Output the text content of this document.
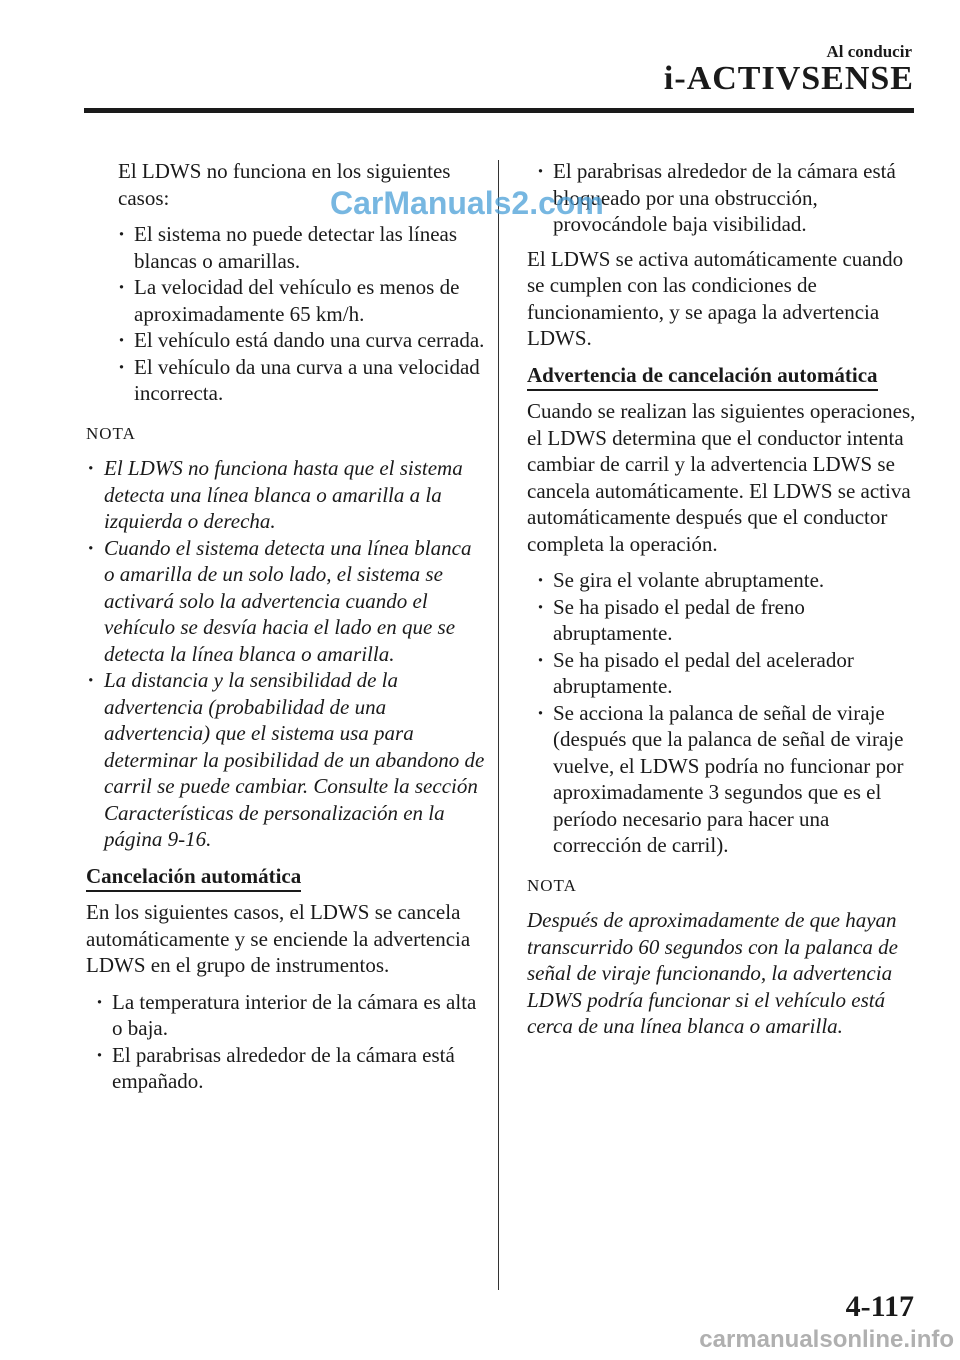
Al conducir
i-ACTIVSENSE

El LDWS no funciona en los siguientes casos:

· El sistema no puede detectar las líneas blancas o amarillas.
· La velocidad del vehículo es menos de aproximadamente 65 km/h.
· El vehículo está dando una curva cerrada.
· El vehículo da una curva a una velocidad incorrecta.
NOTA
· El LDWS no funciona hasta que el sistema detecta una línea blanca o amarilla a la izquierda o derecha.
· Cuando el sistema detecta una línea blanca o amarilla de un solo lado, el sistema se activará solo la advertencia cuando el vehículo se desvía hacia el lado en que se detecta la línea blanca o amarilla.
· La distancia y la sensibilidad de la advertencia (probabilidad de una advertencia) que el sistema usa para determinar la posibilidad de un abandono de carril se puede cambiar. Consulte la sección Características de personalización en la página 9-16.
Cancelación automática

En los siguientes casos, el LDWS se cancela automáticamente y se enciende la advertencia LDWS en el grupo de instrumentos.

· La temperatura interior de la cámara es alta o baja.
· El parabrisas alrededor de la cámara está empañado.
· El parabrisas alrededor de la cámara está bloqueado por una obstrucción, provocándole baja visibilidad.

El LDWS se activa automáticamente cuando se cumplen con las condiciones de funcionamiento, y se apaga la advertencia LDWS.

Advertencia de cancelación automática

Cuando se realizan las siguientes operaciones, el LDWS determina que el conductor intenta cambiar de carril y la advertencia LDWS se cancela automáticamente. El LDWS se activa automáticamente después que el conductor completa la operación.

· Se gira el volante abruptamente.
· Se ha pisado el pedal de freno abruptamente.
· Se ha pisado el pedal del acelerador abruptamente.
· Se acciona la palanca de señal de viraje (después que la palanca de señal de viraje vuelve, el LDWS podría no funcionar por aproximadamente 3 segundos que es el período necesario para hacer una corrección de carril).
NOTA

Después de aproximadamente de que hayan transcurrido 60 segundos con la palanca de señal de viraje funcionando, la advertencia LDWS podría funcionar si el vehículo está cerca de una línea blanca o amarilla.

4-117
CarManuals2.com
carmanualsonline.info
